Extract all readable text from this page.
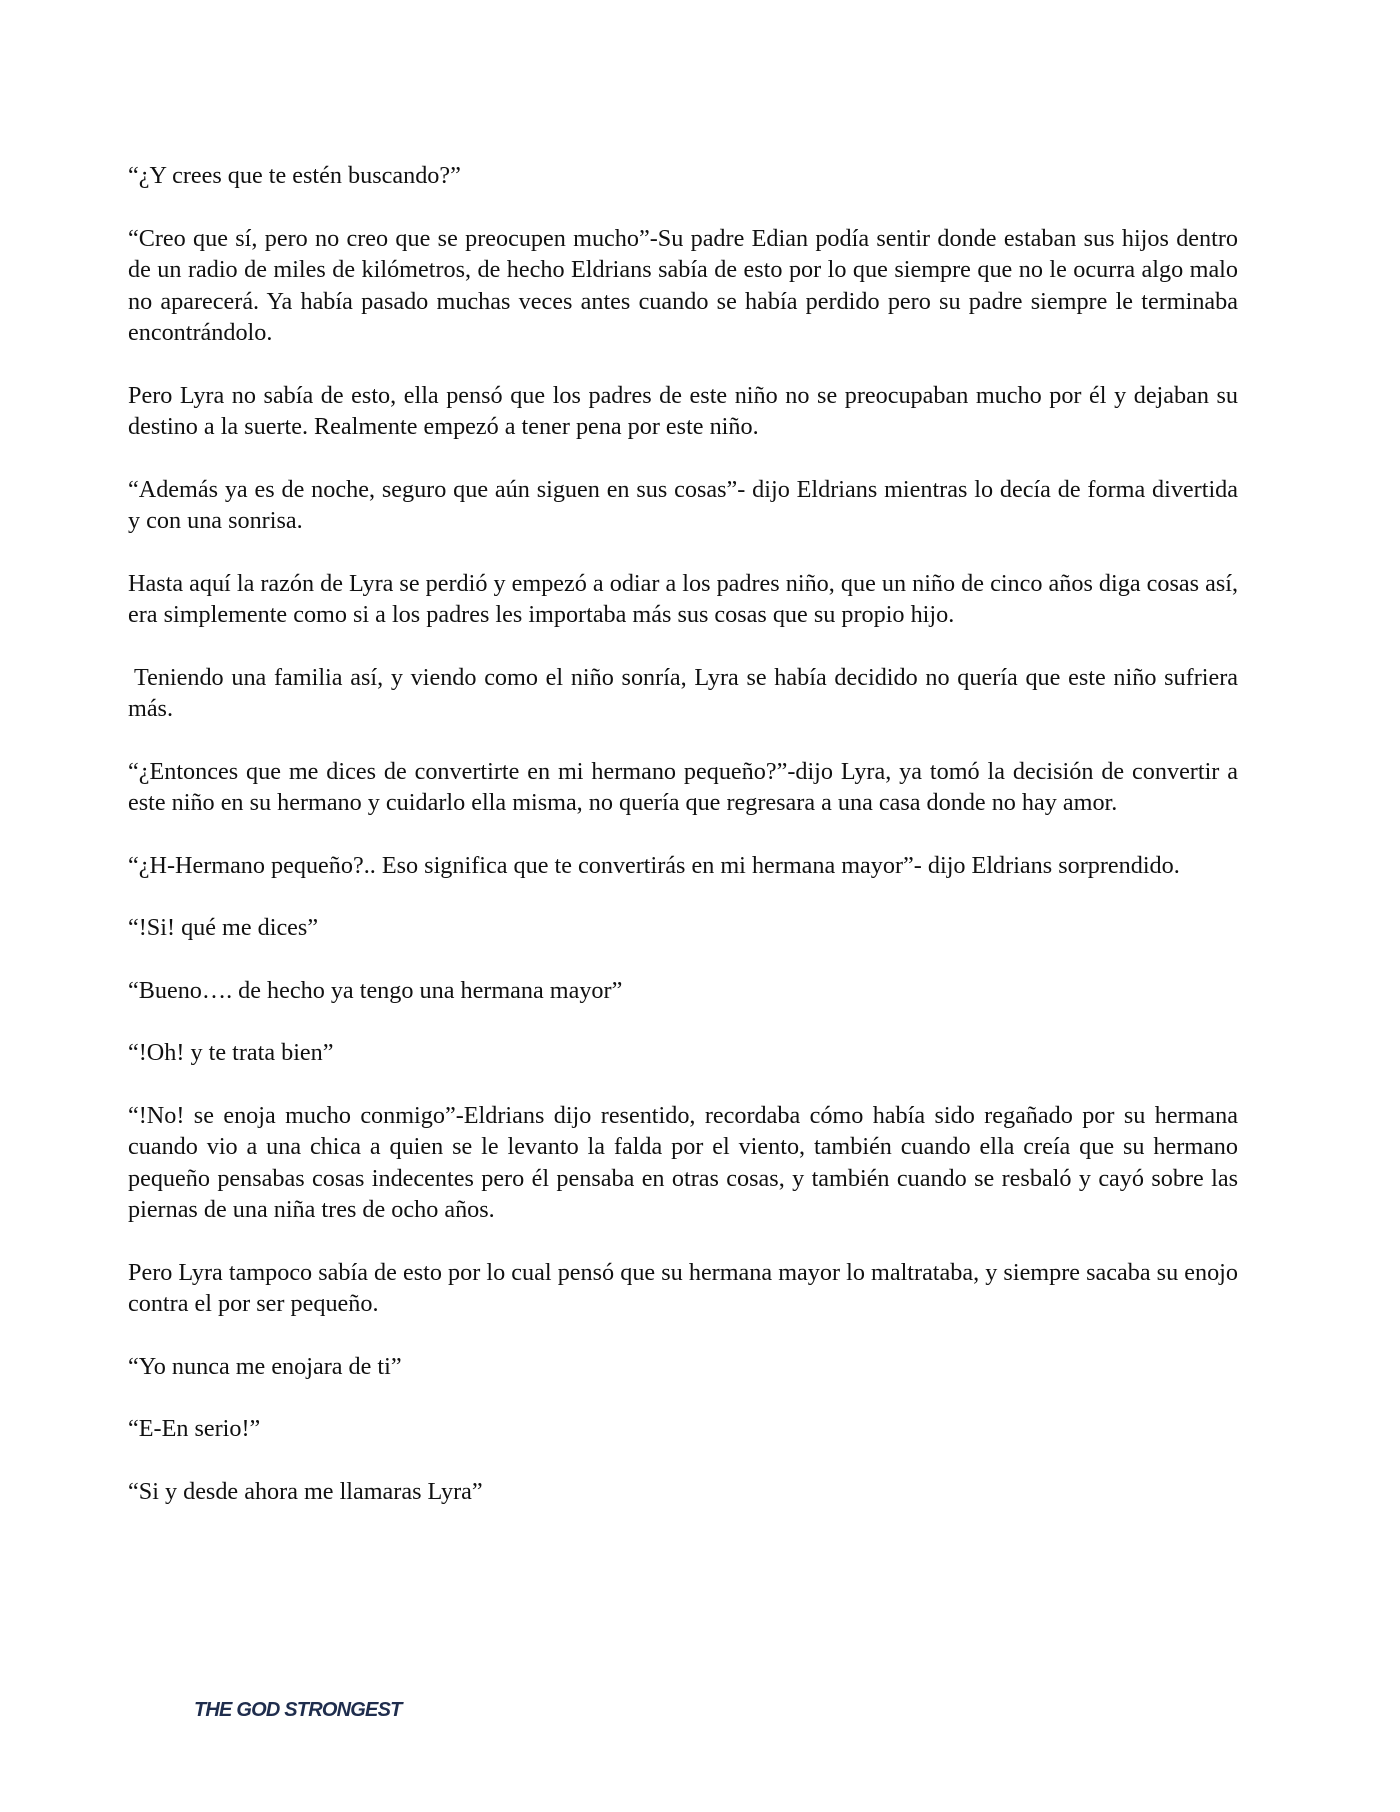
“¿Y crees que te estén buscando?”

“Creo que sí, pero no creo que se preocupen mucho”-Su padre Edian podía sentir donde estaban sus hijos dentro de un radio de miles de kilómetros, de hecho Eldrians sabía de esto por lo que siempre que no le ocurra algo malo no aparecerá. Ya había pasado muchas veces antes cuando se había perdido pero su padre siempre le terminaba encontrándolo.

Pero Lyra no sabía de esto, ella pensó que los padres de este niño no se preocupaban mucho por él y dejaban su destino a la suerte. Realmente empezó a tener pena por este niño.

“Además ya es de noche, seguro que aún siguen en sus cosas”- dijo Eldrians mientras lo decía de forma divertida y con una sonrisa.

Hasta aquí la razón de Lyra se perdió y empezó a odiar a los padres niño, que un niño de cinco años diga cosas así, era simplemente como si a los padres les importaba más sus cosas que su propio hijo.

Teniendo una familia así, y viendo como el niño sonría, Lyra se había decidido no quería que este niño sufriera más.

“¿Entonces que me dices de convertirte en mi hermano pequeño?”-dijo Lyra, ya tomó la decisión de convertir a este niño en su hermano y cuidarlo ella misma, no quería que regresara a una casa donde no hay amor.

“¿H-Hermano pequeño?.. Eso significa que te convertirás en mi hermana mayor”- dijo Eldrians sorprendido.

“!Si! qué me dices”

“Bueno…. de hecho ya tengo una hermana mayor”

“!Oh! y te trata bien”

“!No! se enoja mucho conmigo”-Eldrians dijo resentido, recordaba cómo había sido regañado por su hermana cuando vio a una chica a quien se le levanto la falda por el viento, también cuando ella creía que su hermano pequeño pensabas cosas indecentes pero él pensaba en otras cosas, y también cuando se resbaló y cayó sobre las piernas de una niña tres de ocho años.

Pero Lyra tampoco sabía de esto por lo cual pensó que su hermana mayor lo maltrataba, y siempre sacaba su enojo contra el por ser pequeño.

“Yo nunca me enojara de ti”

“E-En serio!”

“Si y desde ahora me llamaras Lyra”

THE GOD STRONGEST
